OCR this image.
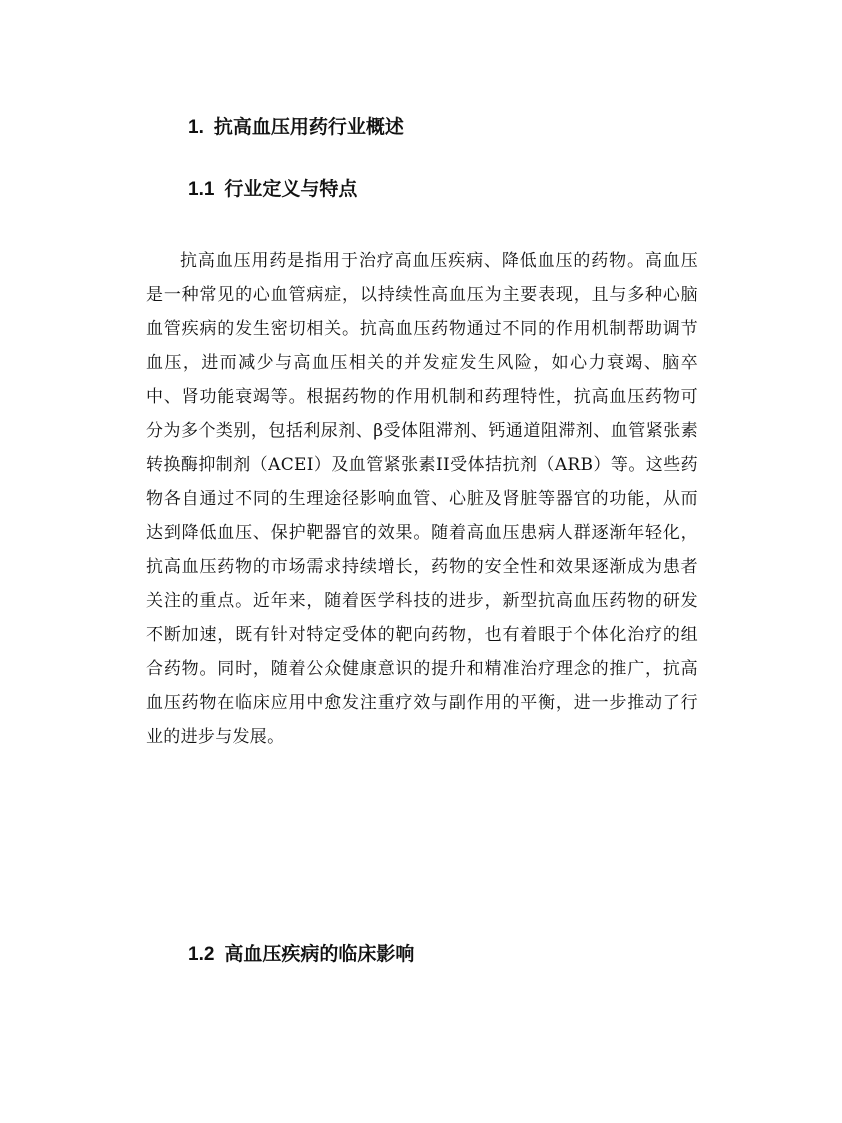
1. 抗高血压用药行业概述
1.1 行业定义与特点

抗高血压用药是指用于治疗高血压疾病、降低血压的药物。高血压是一种常见的心血管病症，以持续性高血压为主要表现，且与多种心脑血管疾病的发生密切相关。抗高血压药物通过不同的作用机制帮助调节血压，进而减少与高血压相关的并发症发生风险，如心力衰竭、脑卒中、肾功能衰竭等。根据药物的作用机制和药理特性，抗高血压药物可分为多个类别，包括利尿剂、β受体阻滞剂、钙通道阻滞剂、血管紧张素转换酶抑制剂（ACEI）及血管紧张素II受体拮抗剂（ARB）等。这些药物各自通过不同的生理途径影响血管、心脏及肾脏等器官的功能，从而达到降低血压、保护靶器官的效果。随着高血压患病人群逐渐年轻化，抗高血压药物的市场需求持续增长，药物的安全性和效果逐渐成为患者关注的重点。近年来，随着医学科技的进步，新型抗高血压药物的研发不断加速，既有针对特定受体的靶向药物，也有着眼于个体化治疗的组合药物。同时，随着公众健康意识的提升和精准治疗理念的推广，抗高血压药物在临床应用中愈发注重疗效与副作用的平衡，进一步推动了行业的进步与发展。

1.2 高血压疾病的临床影响
